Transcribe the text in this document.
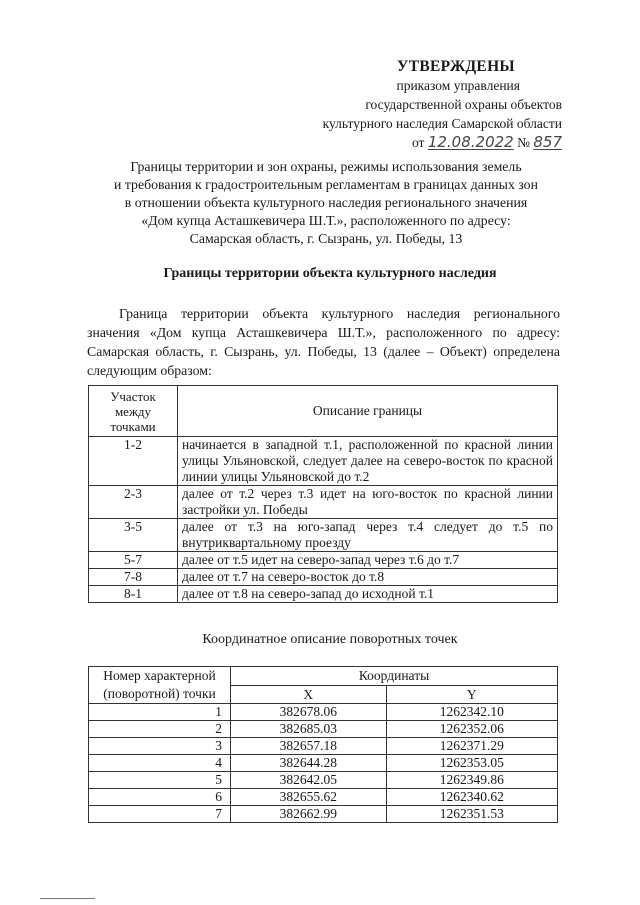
УТВЕРЖДЕНЫ
приказом управления
государственной охраны объектов
культурного наследия Самарской области
от 12.08.2022 № 857
Границы территории и зон охраны, режимы использования земель
и требования к градостроительным регламентам в границах данных зон
в отношении объекта культурного наследия регионального значения
«Дом купца Асташкевичера Ш.Т.», расположенного по адресу:
Самарская область, г. Сызрань, ул. Победы, 13
Границы территории объекта культурного наследия
Граница территории объекта культурного наследия регионального значения «Дом купца Асташкевичера Ш.Т.», расположенного по адресу: Самарская область, г. Сызрань, ул. Победы, 13 (далее – Объект) определена следующим образом:
Участок между точками	Описание границы
1-2	начинается в западной т.1, расположенной по красной линии улицы Ульяновской, следует далее на северо-восток по красной линии улицы Ульяновской до т.2
2-3	далее от т.2 через т.3 идет на юго-восток по красной линии застройки ул. Победы
3-5	далее от т.3 на юго-запад через т.4 следует до т.5 по внутриквартальному проезду
5-7	далее от т.5 идет на северо-запад через т.6 до т.7
7-8	далее от т.7 на северо-восток до т.8
8-1	далее от т.8 на северо-запад до исходной т.1
Координатное описание поворотных точек
Номер характерной (поворотной) точки	Координаты	
	X	Y
1	382678.06	1262342.10
2	382685.03	1262352.06
3	382657.18	1262371.29
4	382644.28	1262353.05
5	382642.05	1262349.86
6	382655.62	1262340.62
7	382662.99	1262351.53
